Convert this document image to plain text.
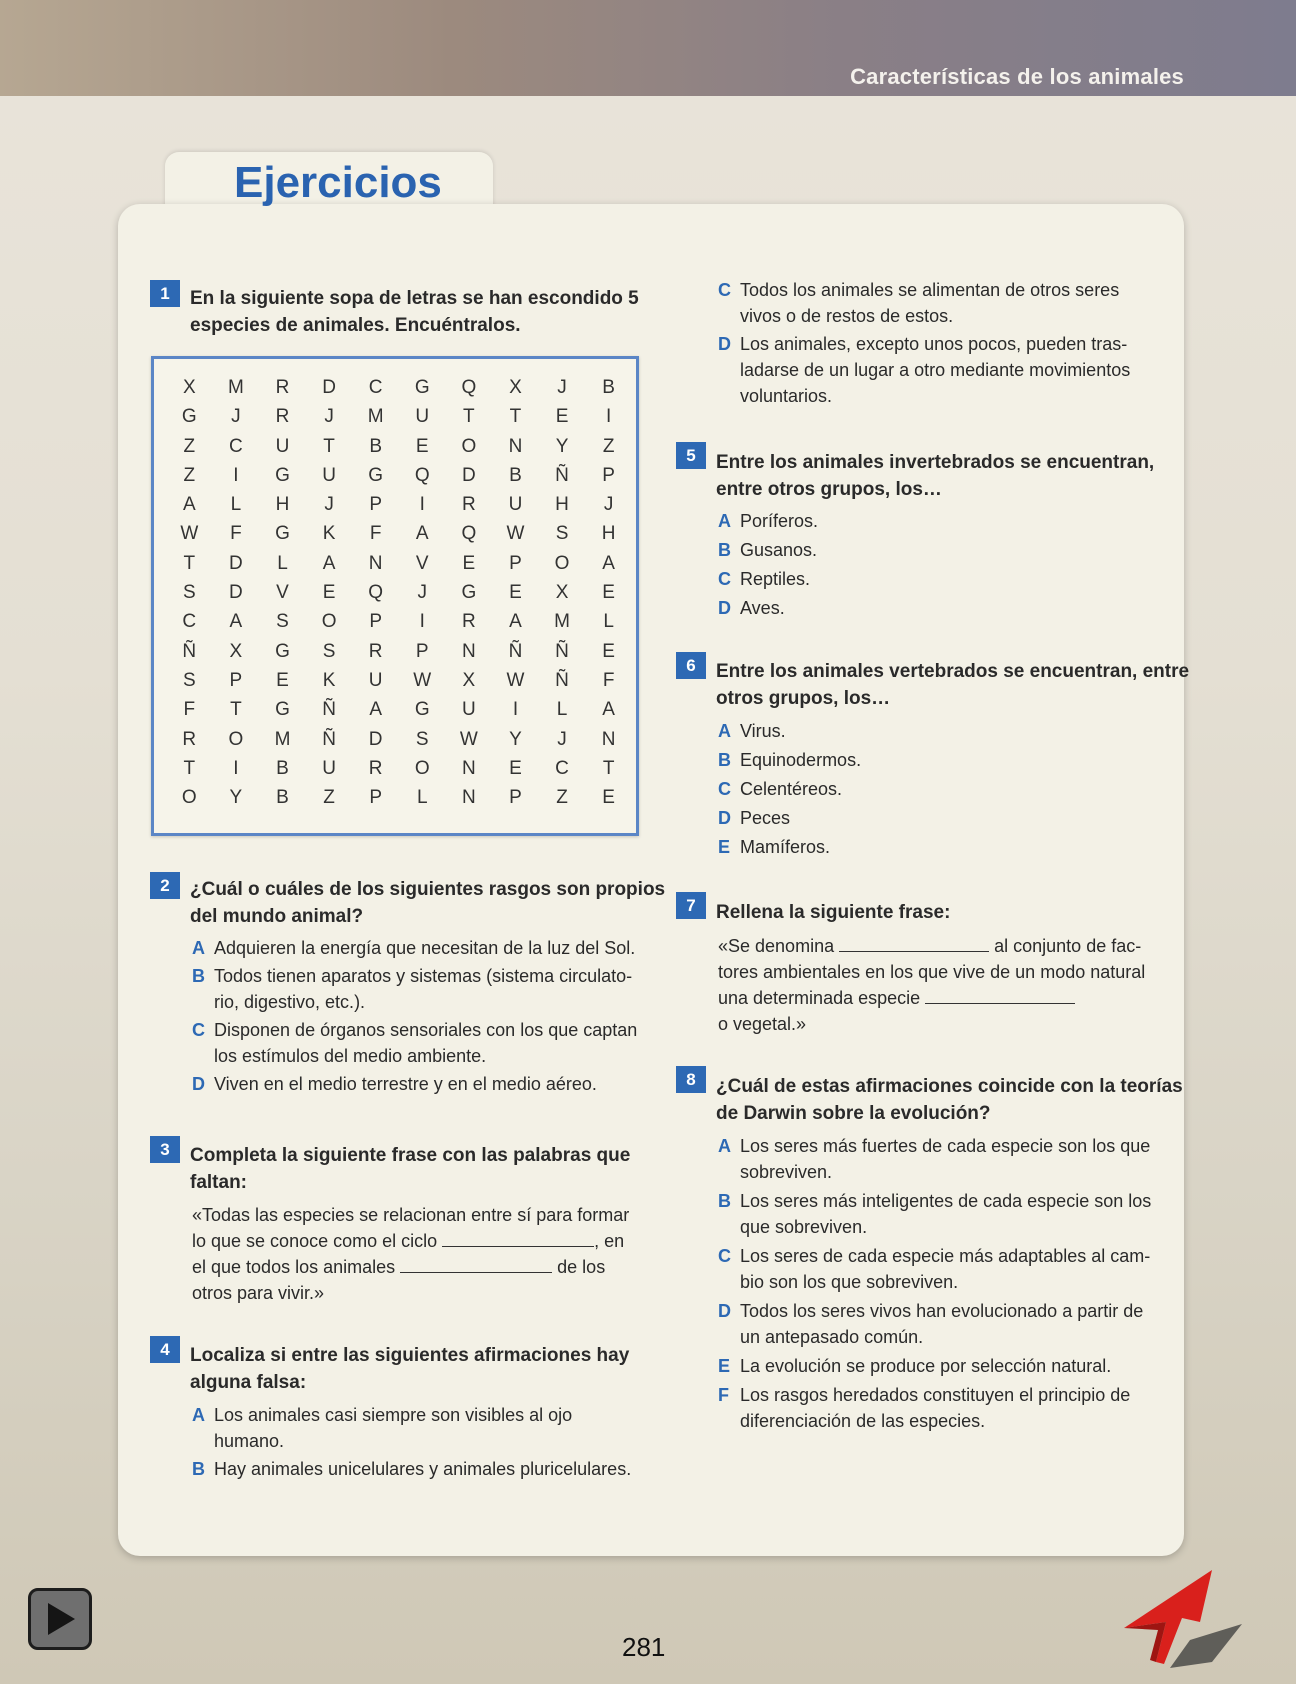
Características de los animales
Ejercicios
1	En la siguiente sopa de letras se han escondido 5
especies de animales. Encuéntralos.
X	M	R	D	C	G	Q	X	J	B
G	J	R	J	M	U	T	T	E	I
Z	C	U	T	B	E	O	N	Y	Z
Z	I	G	U	G	Q	D	B	Ñ	P
A	L	H	J	P	I	R	U	H	J
W	F	G	K	F	A	Q	W	S	H
T	D	L	A	N	V	E	P	O	A
S	D	V	E	Q	J	G	E	X	E
C	A	S	O	P	I	R	A	M	L
Ñ	X	G	S	R	P	N	Ñ	Ñ	E
S	P	E	K	U	W	X	W	Ñ	F
F	T	G	Ñ	A	G	U	I	L	A
R	O	M	Ñ	D	S	W	Y	J	N
T	I	B	U	R	O	N	E	C	T
O	Y	B	Z	P	L	N	P	Z	E
2	¿Cuál o cuáles de los siguientes rasgos son propios
del mundo animal?
A Adquieren la energía que necesitan de la luz del Sol.
B Todos tienen aparatos y sistemas (sistema circulato-
rio, digestivo, etc.).
C Disponen de órganos sensoriales con los que captan
los estímulos del medio ambiente.
D Viven en el medio terrestre y en el medio aéreo.
3	Completa la siguiente frase con las palabras que
faltan:
«Todas las especies se relacionan entre sí para formar
lo que se conoce como el ciclo	, en
el que todos los animales	de los
otros para vivir.»
4	Localiza si entre las siguientes afirmaciones hay
alguna falsa:
A Los animales casi siempre son visibles al ojo
humano.
B Hay animales unicelulares y animales pluricelulares.
C Todos los animales se alimentan de otros seres
vivos o de restos de estos.
D Los animales, excepto unos pocos, pueden tras-
ladarse de un lugar a otro mediante movimientos
voluntarios.
5	Entre los animales invertebrados se encuentran,
entre otros grupos, los…
A Poríferos.
B Gusanos.
C Reptiles.
D Aves.
6	Entre los animales vertebrados se encuentran, entre
otros grupos, los…
A Virus.
B Equinodermos.
C Celentéreos.
D Peces
E Mamíferos.
7	Rellena la siguiente frase:
«Se denomina	al conjunto de fac-
tores ambientales en los que vive de un modo natural
una determinada especie
o vegetal.»
8	¿Cuál de estas afirmaciones coincide con la teorías
de Darwin sobre la evolución?
A Los seres más fuertes de cada especie son los que
sobreviven.
B Los seres más inteligentes de cada especie son los
que sobreviven.
C Los seres de cada especie más adaptables al cam-
bio son los que sobreviven.
D Todos los seres vivos han evolucionado a partir de
un antepasado común.
E La evolución se produce por selección natural.
F Los rasgos heredados constituyen el principio de
diferenciación de las especies.
281
